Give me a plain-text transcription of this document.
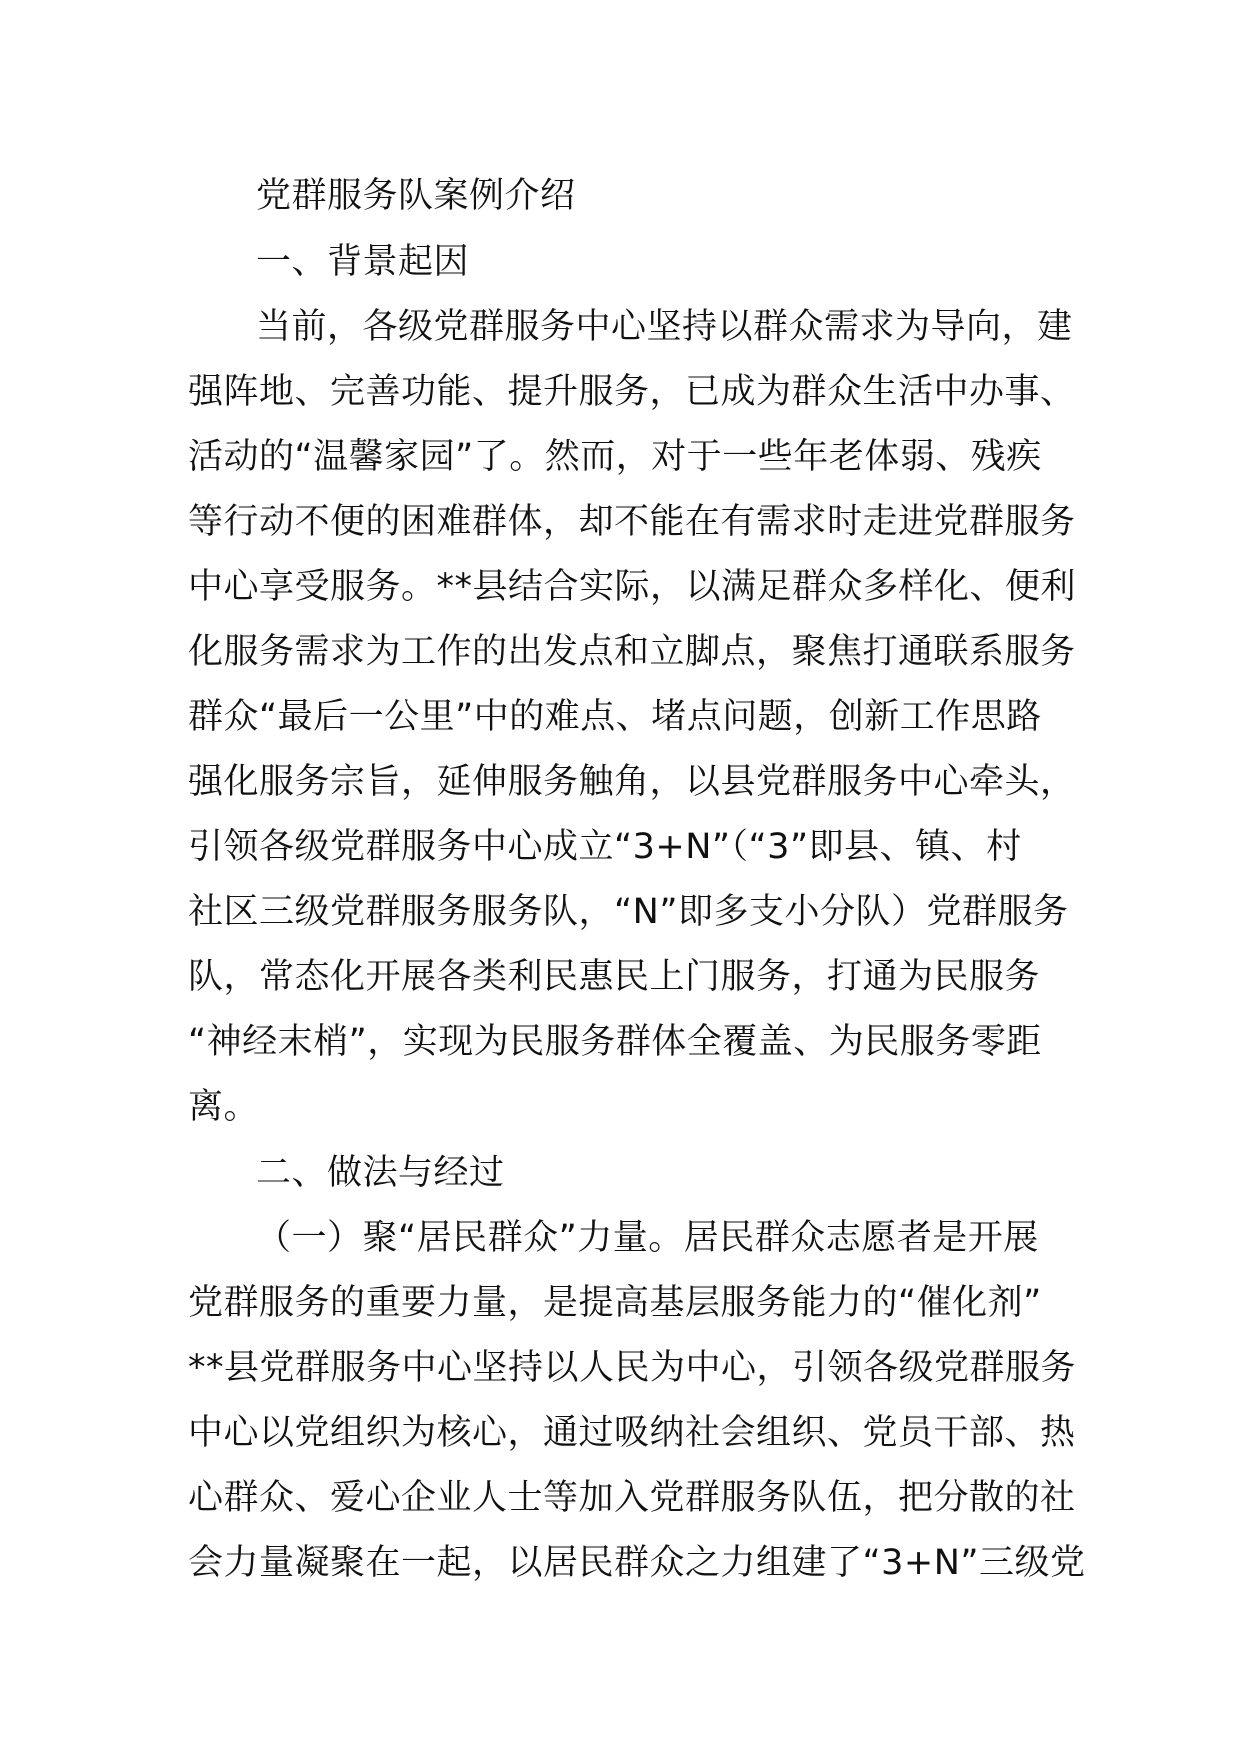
党群服务队案例介绍
一、背景起因
当前，各级党群服务中心坚持以群众需求为导向，建
强阵地、完善功能、提升服务，已成为群众生活中办事、
活动的“温馨家园”了。然而，对于一些年老体弱、残疾
等行动不便的困难群体，却不能在有需求时走进党群服务
中心享受服务。**县结合实际，以满足群众多样化、便利
化服务需求为工作的出发点和立脚点，聚焦打通联系服务
群众“最后一公里”中的难点、堵点问题，创新工作思路
强化服务宗旨，延伸服务触角，以县党群服务中心牵头，
引领各级党群服务中心成立“3+N”（“3”即县、镇、村
社区三级党群服务服务队，“N”即多支小分队）党群服务
队，常态化开展各类利民惠民上门服务，打通为民服务
“神经末梢”，实现为民服务群体全覆盖、为民服务零距
离。
二、做法与经过
（一）聚“居民群众”力量。居民群众志愿者是开展
党群服务的重要力量，是提高基层服务能力的“催化剂”
**县党群服务中心坚持以人民为中心，引领各级党群服务
中心以党组织为核心，通过吸纳社会组织、党员干部、热
心群众、爱心企业人士等加入党群服务队伍，把分散的社
会力量凝聚在一起，以居民群众之力组建了“3+N”三级党
